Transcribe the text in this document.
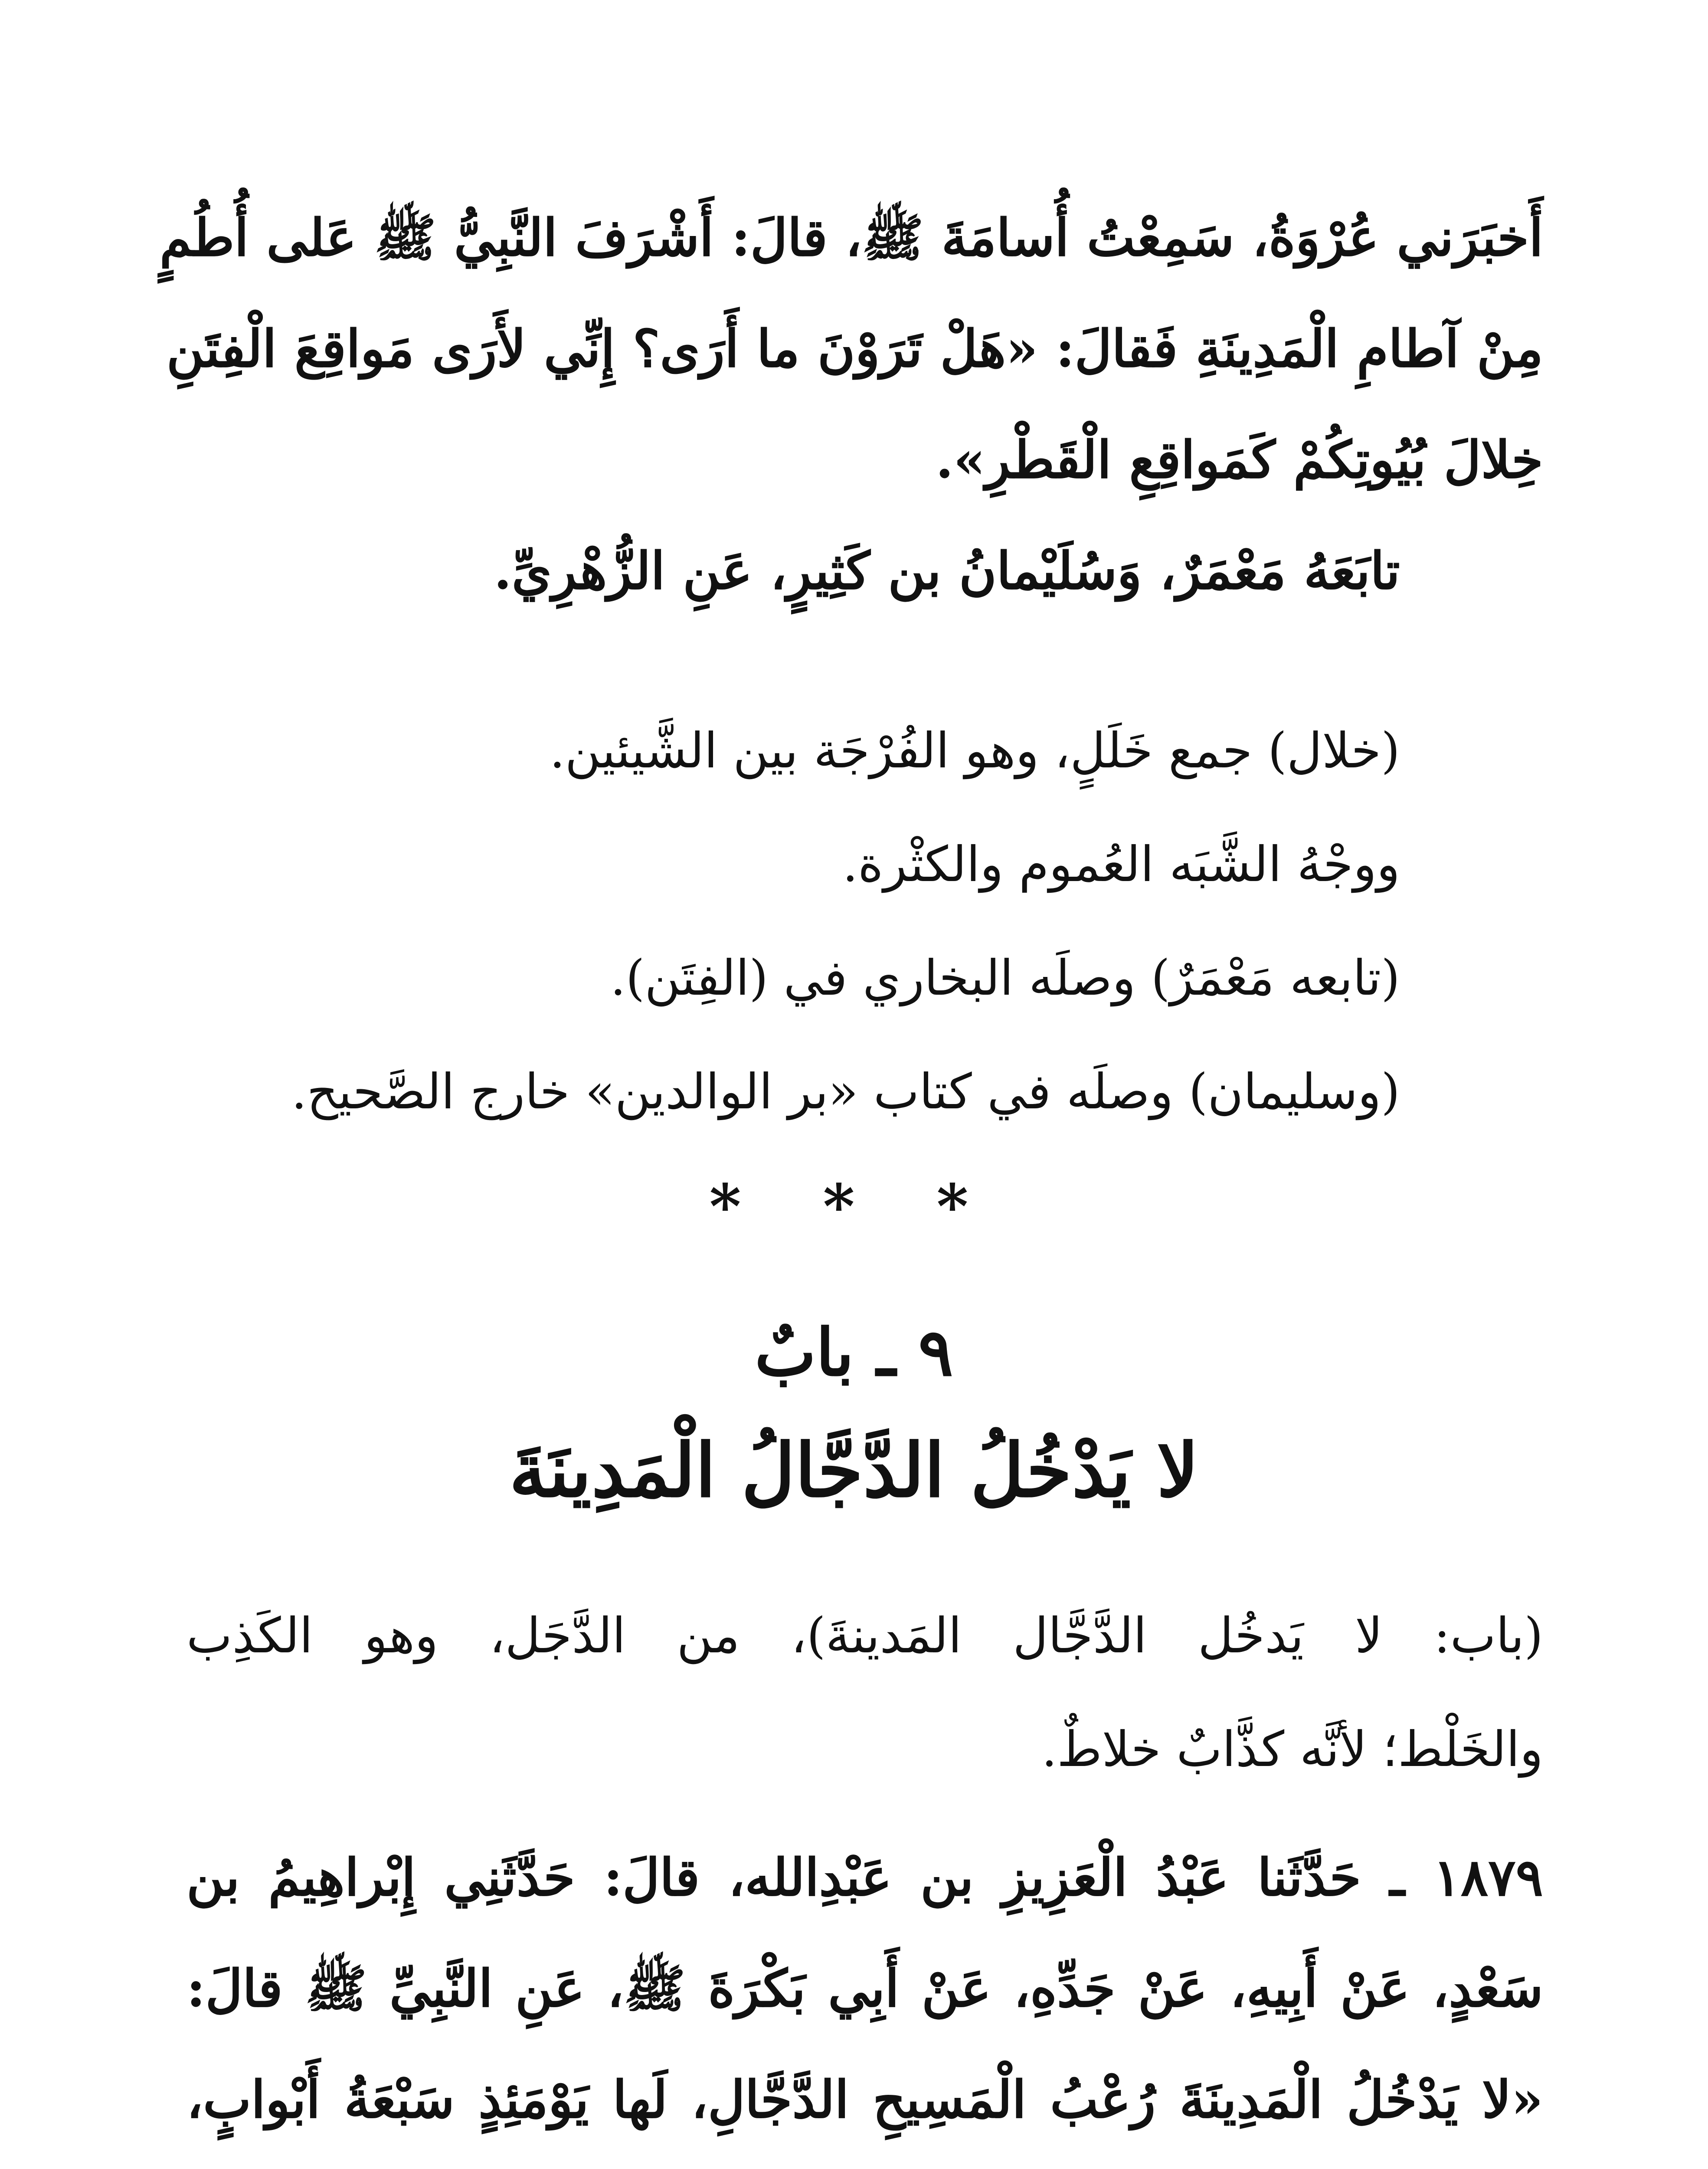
أَخبَرَني عُرْوَةُ، سَمِعْتُ أُسامَةَ ﷺ، قالَ: أَشْرَفَ النَّبِيُّ ﷺ عَلى أُطُمٍ
مِنْ آطامِ الْمَدِينَةِ فَقالَ: «هَلْ تَرَوْنَ ما أَرَى؟ إِنِّي لأَرَى مَواقِعَ الْفِتَنِ
خِلالَ بُيُوتِكُمْ كَمَواقِعِ الْقَطْرِ».
تابَعَهُ مَعْمَرٌ، وَسُلَيْمانُ بن كَثِيرٍ، عَنِ الزُّهْرِيِّ.
(خلال) جمع خَلَلٍ، وهو الفُرْجَة بين الشَّيئين.
ووجْهُ الشَّبَه العُموم والكثْرة.
(تابعه مَعْمَرٌ) وصلَه البخاري في (الفِتَن).
(وسليمان) وصلَه في كتاب «بر الوالدين» خارج الصَّحيح.
* * *
٩ ـ بابٌ
لا يَدْخُلُ الدَّجَّالُ الْمَدِينَةَ
(باب: لا يَدخُل الدَّجَّال المَدينةَ)، من الدَّجَل، وهو الكَذِب
والخَلْط؛ لأنَّه كذَّابٌ خلاطٌ.
١٨٧٩ ـ حَدَّثَنا عَبْدُ الْعَزِيزِ بن عَبْدِالله، قالَ: حَدَّثَنِي إِبْراهِيمُ بن
سَعْدٍ، عَنْ أَبِيهِ، عَنْ جَدِّهِ، عَنْ أَبِي بَكْرَةَ ﷺ، عَنِ النَّبِيِّ ﷺ قالَ:
«لا يَدْخُلُ الْمَدِينَةَ رُعْبُ الْمَسِيحِ الدَّجَّالِ، لَها يَوْمَئِذٍ سَبْعَةُ أَبْوابٍ،
